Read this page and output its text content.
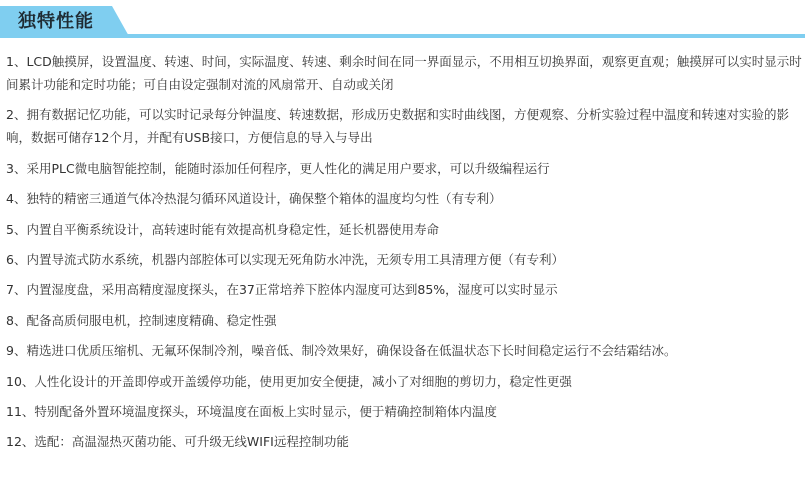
独特性能
1、LCD触摸屏，设置温度、转速、时间，实际温度、转速、剩余时间在同一界面显示，不用相互切换界面，观察更直观；触摸屏可以实时显示时间累计功能和定时功能；可自由设定强制对流的风扇常开、自动或关闭
2、拥有数据记忆功能，可以实时记录每分钟温度、转速数据，形成历史数据和实时曲线图，方便观察、分析实验过程中温度和转速对实验的影响，数据可储存12个月，并配有USB接口，方便信息的导入与导出
3、采用PLC微电脑智能控制，能随时添加任何程序，更人性化的满足用户要求，可以升级编程运行
4、独特的精密三通道气体冷热混匀循环风道设计，确保整个箱体的温度均匀性（有专利）
5、内置自平衡系统设计，高转速时能有效提高机身稳定性，延长机器使用寿命
6、内置导流式防水系统，机器内部腔体可以实现无死角防水冲洗，无须专用工具清理方便（有专利）
7、内置湿度盘，采用高精度湿度探头，在37正常培养下腔体内湿度可达到85%，湿度可以实时显示
8、配备高质伺服电机，控制速度精确、稳定性强
9、精选进口优质压缩机、无氟环保制冷剂，噪音低、制冷效果好，确保设备在低温状态下长时间稳定运行不会结霜结冰。
10、人性化设计的开盖即停或开盖缓停功能，使用更加安全便捷，减小了对细胞的剪切力，稳定性更强
11、特别配备外置环境温度探头，环境温度在面板上实时显示，便于精确控制箱体内温度
12、选配：高温湿热灭菌功能、可升级无线WIFI远程控制功能
